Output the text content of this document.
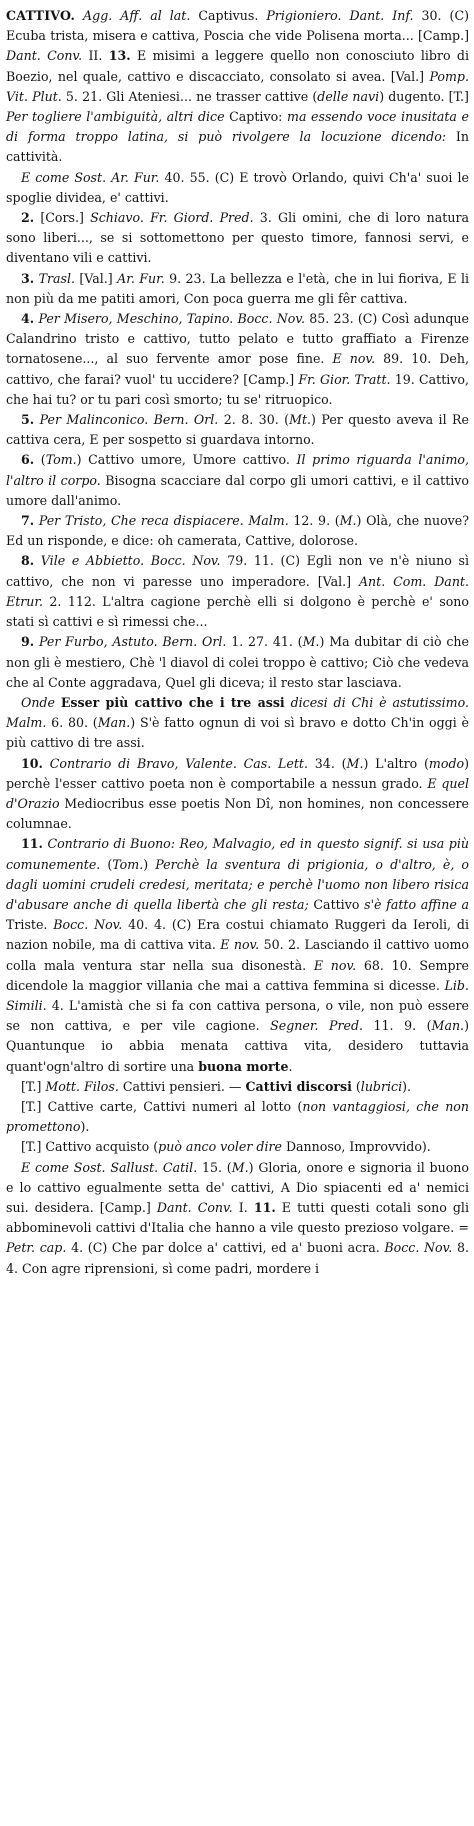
CATTIVO. Agg. Aff. al lat. Captivus. Prigioniero. Dant. Inf. 30. (C) Ecuba trista, misera e cattiva, Poscia che vide Polisena morta... [Camp.] Dant. Conv. II. 13. E misimi a leggere quello non conosciuto libro di Boezio, nel quale, cattivo e discacciato, consolato si avea. [Val.] Pomp. Vit. Plut. 5. 21. Gli Ateniesi... ne trasser cattive (delle navi) dugento. [T.] Per togliere l'ambiguità, altri dice Captivo: ma essendo voce inusitata e di forma troppo latina, si può rivolgere la locuzione dicendo: In cattività.

E come Sost. Ar. Fur. 40. 55. (C) E trovò Orlando, quivi Ch'a' suoi le spoglie dividea, e' cattivi.

2. [Cors.] Schiavo. Fr. Giord. Pred. 3. Gli omini, che di loro natura sono liberi..., se si sottomettono per questo timore, fannosi servi, e diventano vili e cattivi.

3. Trasl. [Val.] Ar. Fur. 9. 23. La bellezza e l'età, che in lui fioriva, E li non più da me patiti amori, Con poca guerra me gli fêr cattiva.

4. Per Misero, Meschino, Tapino. Bocc. Nov. 85. 23. (C) Così adunque Calandrino tristo e cattivo, tutto pelato e tutto graffiato a Firenze tornatosene..., al suo fervente amor pose fine. E nov. 89. 10. Deh, cattivo, che farai? vuol' tu uccidere? [Camp.] Fr. Gior. Tratt. 19. Cattivo, che hai tu? or tu pari così smorto; tu se' ritruopico.

5. Per Malinconico. Bern. Orl. 2. 8. 30. (Mt.) Per questo aveva il Re cattiva cera, E per sospetto si guardava intorno.

6. (Tom.) Cattivo umore, Umore cattivo. Il primo riguarda l'animo, l'altro il corpo. Bisogna scacciare dal corpo gli umori cattivi, e il cattivo umore dall'animo.

7. Per Tristo, Che reca dispiacere. Malm. 12. 9. (M.) Olà, che nuove? Ed un risponde, e dice: oh camerata, Cattive, dolorose.

8. Vile e Abbietto. Bocc. Nov. 79. 11. (C) Egli non ve n'è niuno sì cattivo, che non vi paresse uno imperadore. [Val.] Ant. Com. Dant. Etrur. 2. 112. L'altra cagione perchè elli si dolgono è perchè e' sono stati sì cattivi e sì rimessi che...

9. Per Furbo, Astuto. Bern. Orl. 1. 27. 41. (M.) Ma dubitar di ciò che non gli è mestiero, Chè 'l diavol di colei troppo è cattivo; Ciò che vedeva che al Conte aggradava, Quel gli diceva; il resto star lasciava.

Onde Esser più cattivo che i tre assi dicesi di Chi è astutissimo. Malm. 6. 80. (Man.) S'è fatto ognun di voi sì bravo e dotto Ch'in oggi è più cattivo di tre assi.

10. Contrario di Bravo, Valente. Cas. Lett. 34. (M.) L'altro (modo) perchè l'esser cattivo poeta non è comportabile a nessun grado. E quel d'Orazio Mediocribus esse poetis Non Dî, non homines, non concessere columnae.

11. Contrario di Buono: Reo, Malvagio, ed in questo signif. si usa più comunemente. (Tom.) Perchè la sventura di prigionia, o d'altro, è, o dagli uomini crudeli credesi, meritata; e perchè l'uomo non libero risica d'abusare anche di quella libertà che gli resta; Cattivo s'è fatto affine a Triste. Bocc. Nov. 40. 4. (C) Era costui chiamato Ruggeri da Ieroli, di nazion nobile, ma di cattiva vita. E nov. 50. 2. Lasciando il cattivo uomo colla mala ventura star nella sua disonestà. E nov. 68. 10. Sempre dicendole la maggior villania che mai a cattiva femmina si dicesse. Lib. Simili. 4. L'amistà che si fa con cattiva persona, o vile, non può essere se non cattiva, e per vile cagione. Segner. Pred. 11. 9. (Man.) Quantunque io abbia menata cattiva vita, desidero tuttavia quant'ogn'altro di sortire una buona morte.

[T.] Mott. Filos. Cattivi pensieri. — Cattivi discorsi (lubrici).

[T.] Cattive carte, Cattivi numeri al lotto (non vantaggiosi, che non promettono).

[T.] Cattivo acquisto (può anco voler dire Dannoso, Improvvido).

E come Sost. Sallust. Catil. 15. (M.) Gloria, onore e signoria il buono e lo cattivo egualmente setta de' cattivi, A Dio spiacenti ed a' nemici sui. desidera. [Camp.] Dant. Conv. I. 11. E tutti questi cotali sono gli abbominevoli cattivi d'Italia che hanno a vile questo prezioso volgare. = Petr. cap. 4. (C) Che par dolce a' cattivi, ed a' buoni acra. Bocc. Nov. 8. 4. Con agre riprensioni, sì come padri, mordere i
